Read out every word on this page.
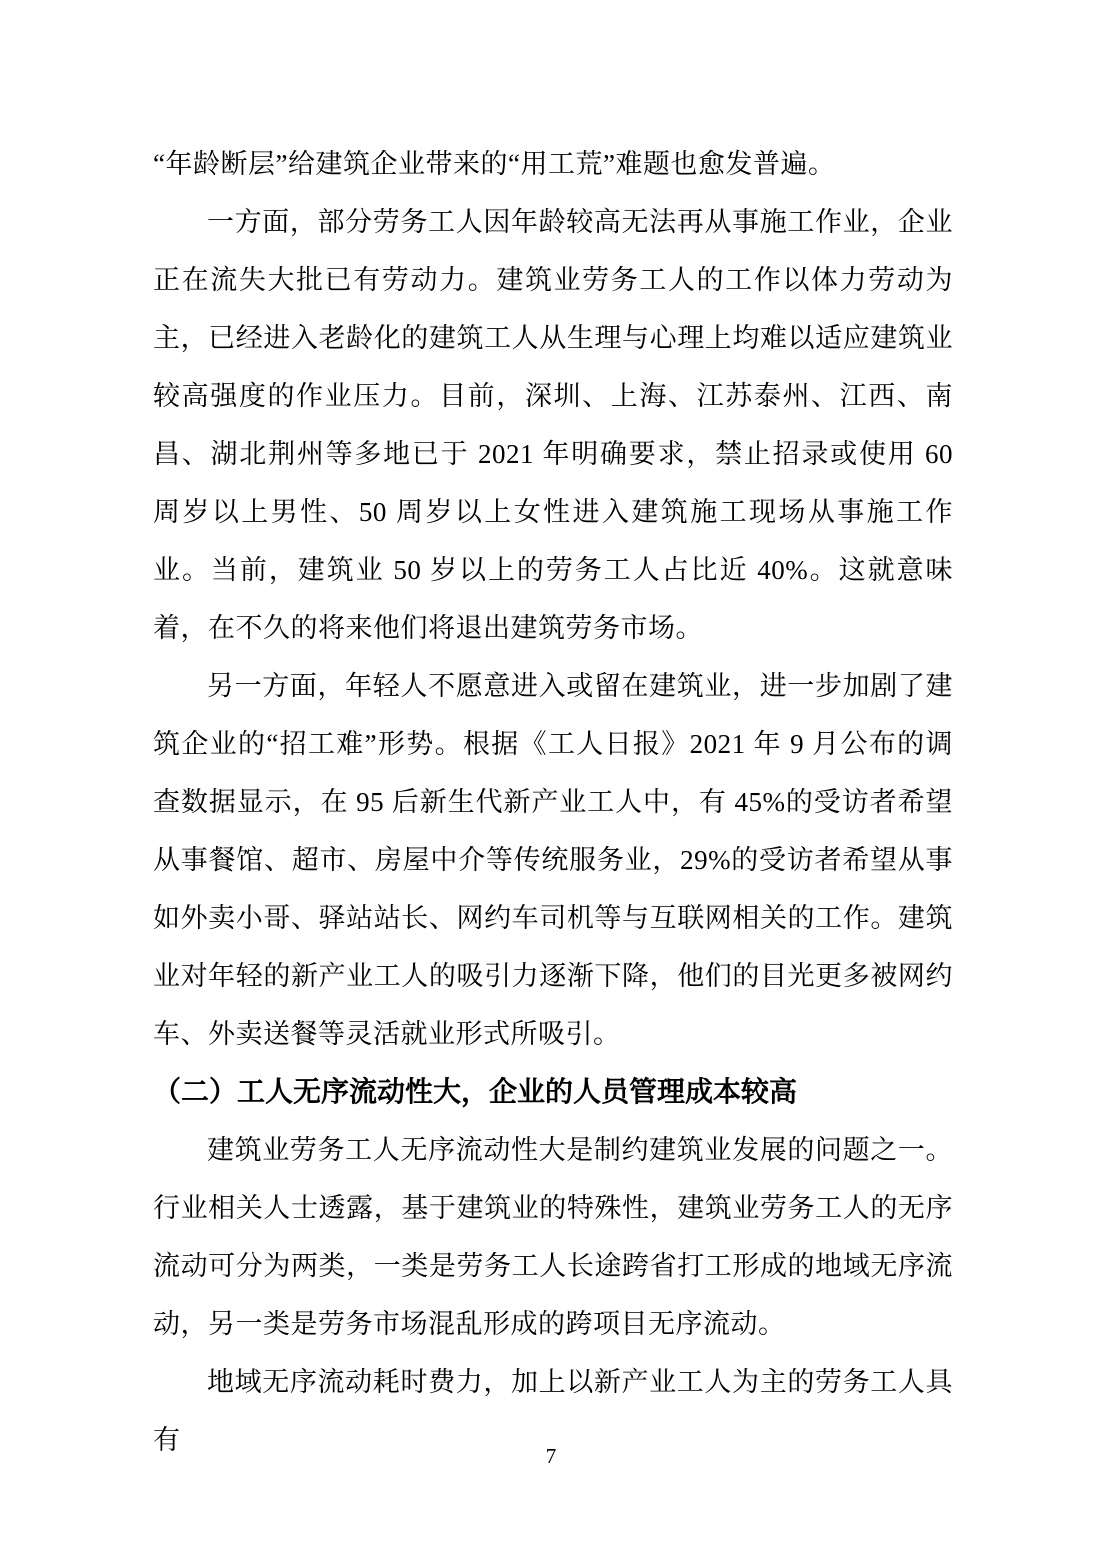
“年龄断层”给建筑企业带来的“用工荒”难题也愈发普遍。

一方面，部分劳务工人因年龄较高无法再从事施工作业，企业正在流失大批已有劳动力。建筑业劳务工人的工作以体力劳动为主，已经进入老龄化的建筑工人从生理与心理上均难以适应建筑业较高强度的作业压力。目前，深圳、上海、江苏泰州、江西、南昌、湖北荆州等多地已于 2021 年明确要求，禁止招录或使用 60 周岁以上男性、50 周岁以上女性进入建筑施工现场从事施工作业。当前，建筑业 50 岁以上的劳务工人占比近 40%。这就意味着，在不久的将来他们将退出建筑劳务市场。

另一方面，年轻人不愿意进入或留在建筑业，进一步加剧了建筑企业的“招工难”形势。根据《工人日报》2021 年 9 月公布的调查数据显示，在 95 后新生代新产业工人中，有 45%的受访者希望从事餐馆、超市、房屋中介等传统服务业，29%的受访者希望从事如外卖小哥、驿站站长、网约车司机等与互联网相关的工作。建筑业对年轻的新产业工人的吸引力逐渐下降，他们的目光更多被网约车、外卖送餐等灵活就业形式所吸引。

（二）工人无序流动性大，企业的人员管理成本较高

建筑业劳务工人无序流动性大是制约建筑业发展的问题之一。行业相关人士透露，基于建筑业的特殊性，建筑业劳务工人的无序流动可分为两类，一类是劳务工人长途跨省打工形成的地域无序流动，另一类是劳务市场混乱形成的跨项目无序流动。

地域无序流动耗时费力，加上以新产业工人为主的劳务工人具有

7
